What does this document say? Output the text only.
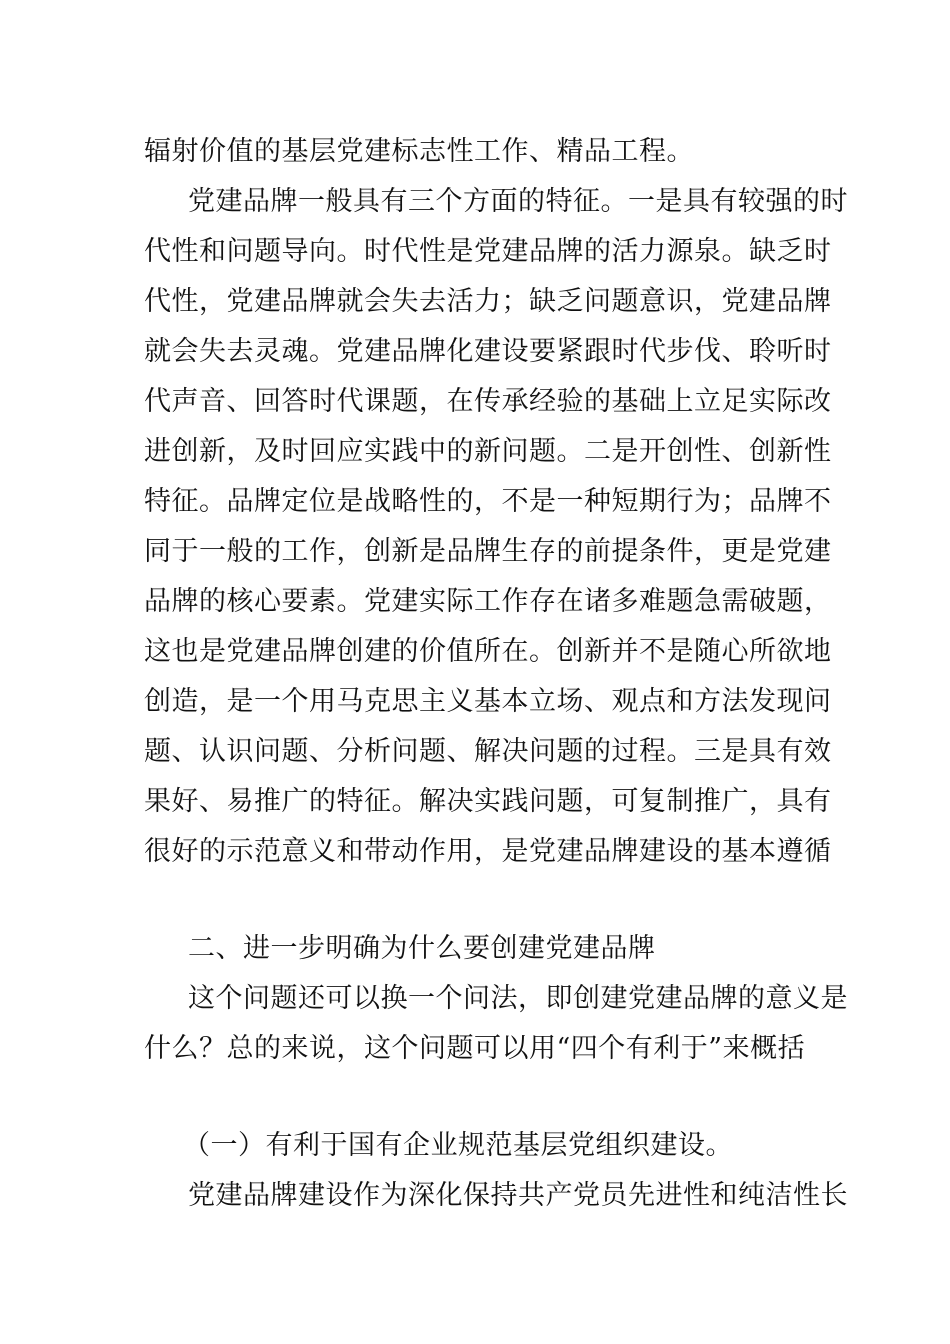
辐射价值的基层党建标志性工作、精品工程。
党建品牌一般具有三个方面的特征。一是具有较强的时
代性和问题导向。时代性是党建品牌的活力源泉。缺乏时
代性，党建品牌就会失去活力；缺乏问题意识，党建品牌
就会失去灵魂。党建品牌化建设要紧跟时代步伐、聆听时
代声音、回答时代课题，在传承经验的基础上立足实际改
进创新，及时回应实践中的新问题。二是开创性、创新性
特征。品牌定位是战略性的，不是一种短期行为；品牌不
同于一般的工作，创新是品牌生存的前提条件，更是党建
品牌的核心要素。党建实际工作存在诸多难题急需破题，
这也是党建品牌创建的价值所在。创新并不是随心所欲地
创造，是一个用马克思主义基本立场、观点和方法发现问
题、认识问题、分析问题、解决问题的过程。三是具有效
果好、易推广的特征。解决实践问题，可复制推广，具有
很好的示范意义和带动作用，是党建品牌建设的基本遵循
二、进一步明确为什么要创建党建品牌
这个问题还可以换一个问法，即创建党建品牌的意义是
什么？总的来说，这个问题可以用“四个有利于”来概括
（一）有利于国有企业规范基层党组织建设。
党建品牌建设作为深化保持共产党员先进性和纯洁性长
